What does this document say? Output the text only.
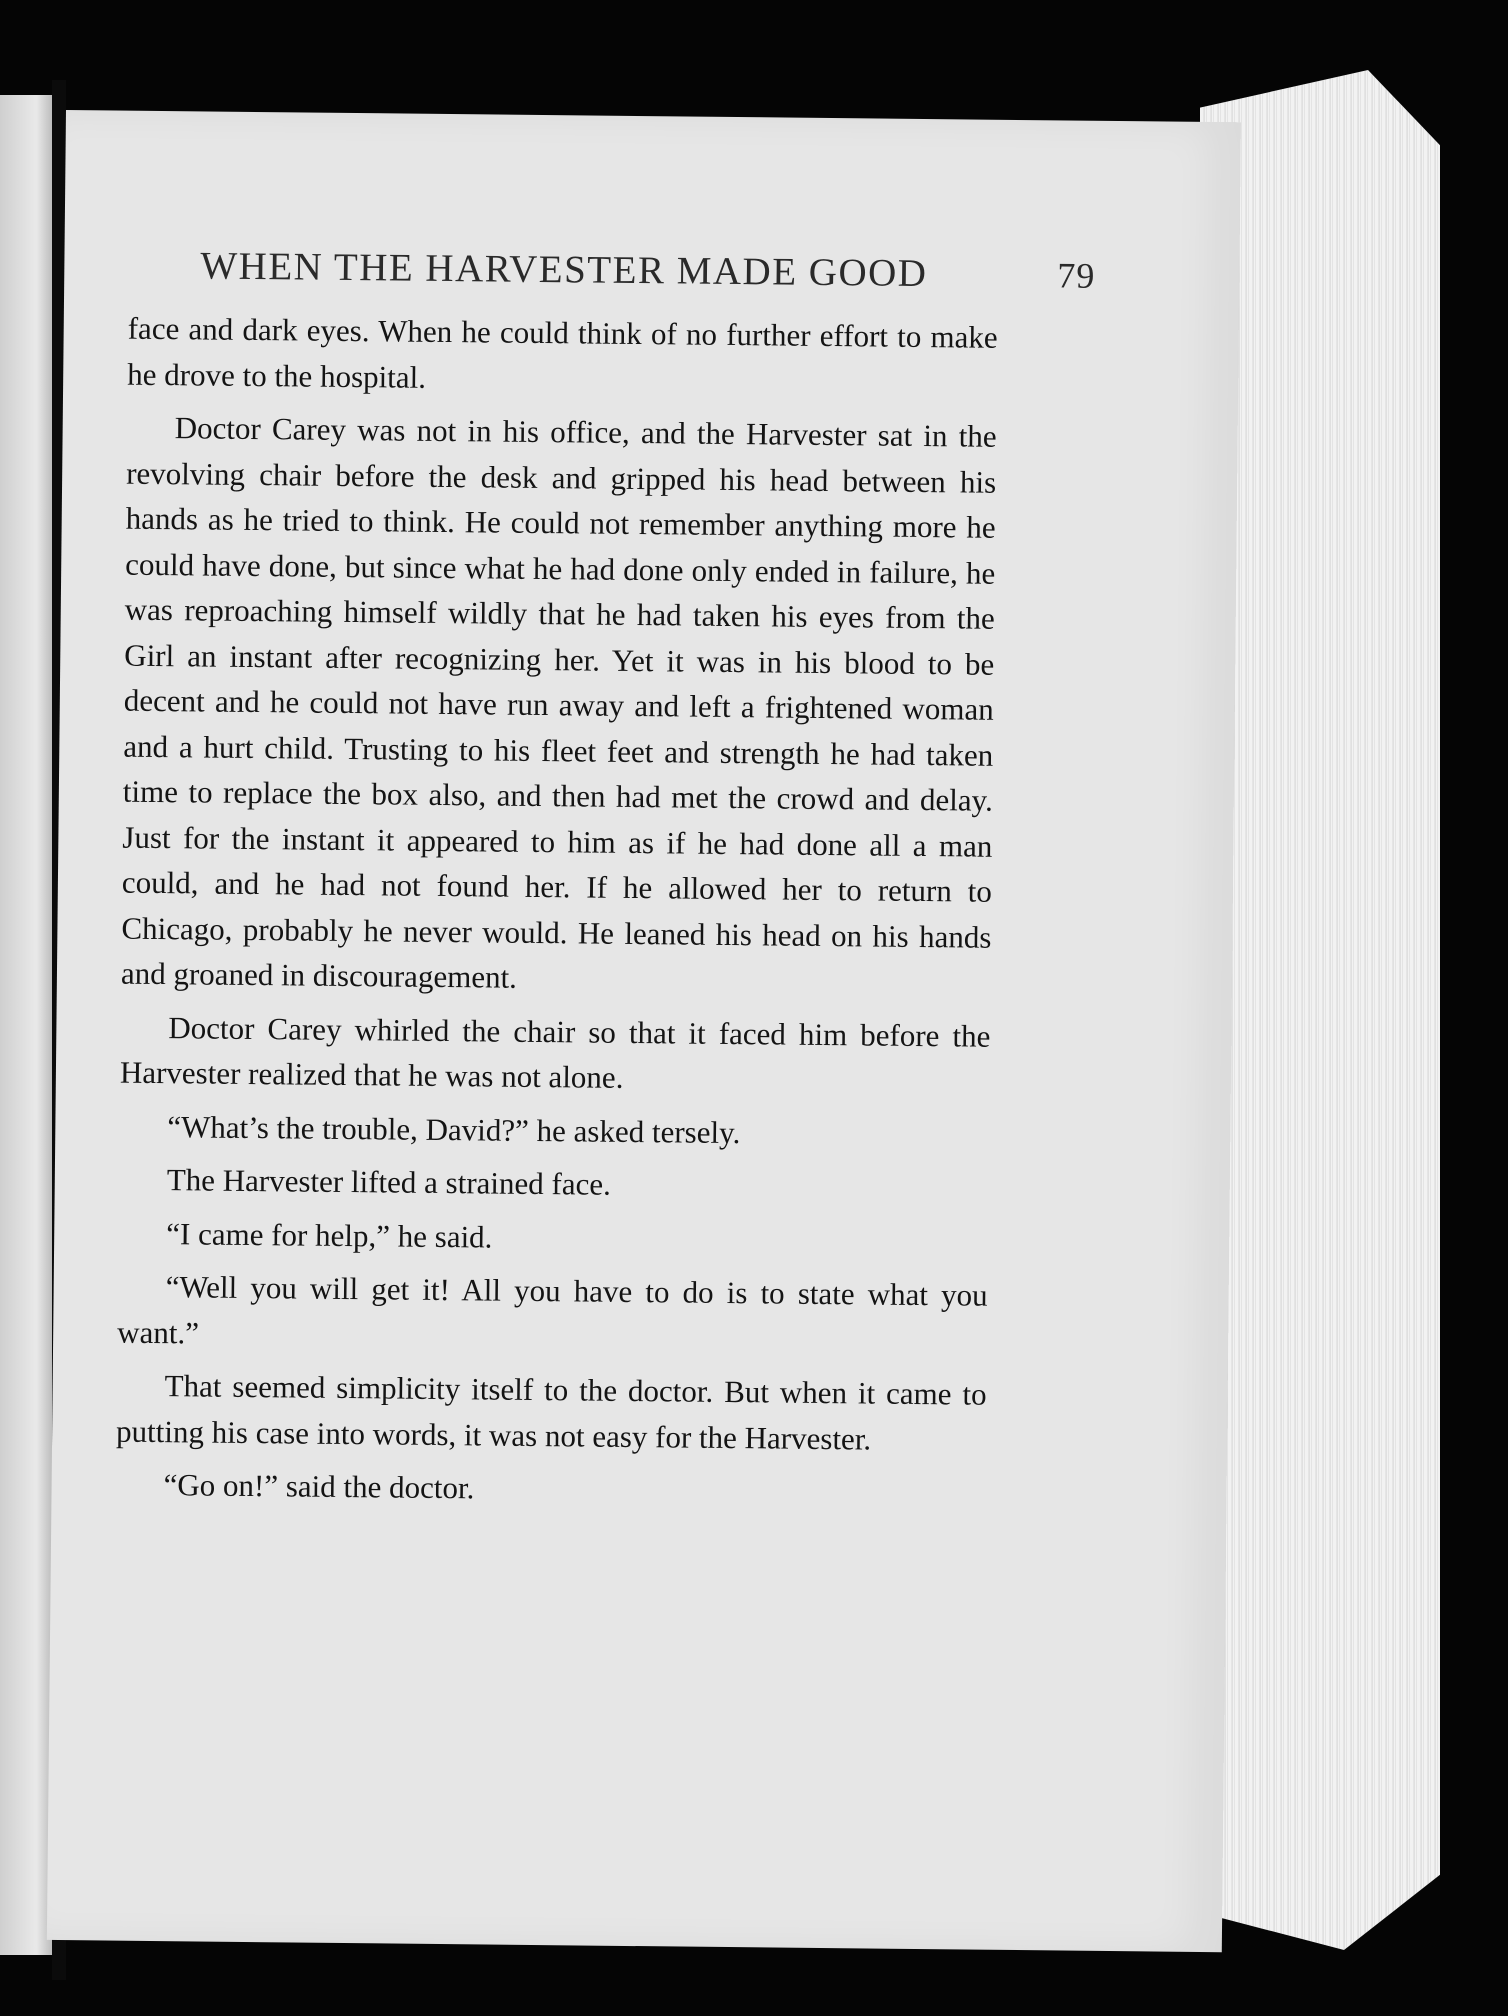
WHEN THE HARVESTER MADE GOOD	79

face and dark eyes. When he could think of no further effort to make he drove to the hospital.

Doctor Carey was not in his office, and the Harvester sat in the revolving chair before the desk and gripped his head between his hands as he tried to think. He could not remember anything more he could have done, but since what he had done only ended in failure, he was reproaching himself wildly that he had taken his eyes from the Girl an instant after recognizing her. Yet it was in his blood to be decent and he could not have run away and left a frightened woman and a hurt child. Trusting to his fleet feet and strength he had taken time to replace the box also, and then had met the crowd and delay. Just for the instant it appeared to him as if he had done all a man could, and he had not found her. If he allowed her to return to Chicago, probably he never would. He leaned his head on his hands and groaned in discouragement.

Doctor Carey whirled the chair so that it faced him before the Harvester realized that he was not alone.

“What’s the trouble, David?” he asked tersely.

The Harvester lifted a strained face.

“I came for help,” he said.

“Well you will get it! All you have to do is to state what you want.”

That seemed simplicity itself to the doctor. But when it came to putting his case into words, it was not easy for the Harvester.

“Go on!” said the doctor.
